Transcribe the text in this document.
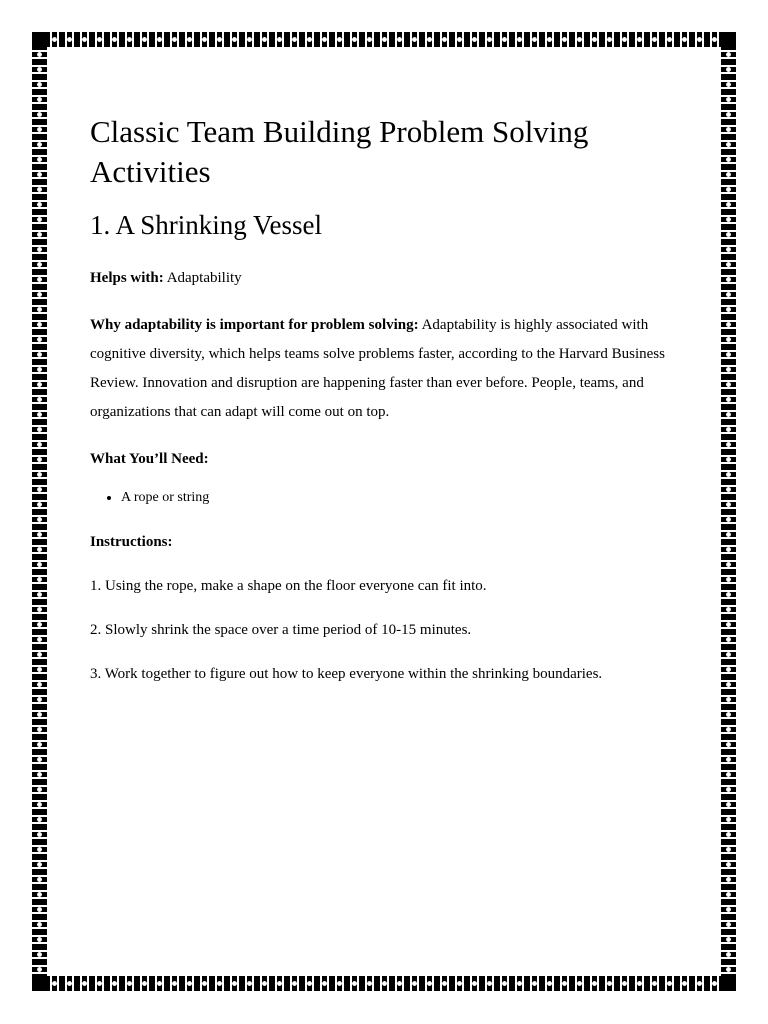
Classic Team Building Problem Solving Activities
1. A Shrinking Vessel

Helps with: Adaptability

Why adaptability is important for problem solving: Adaptability is highly associated with cognitive diversity, which helps teams solve problems faster, according to the Harvard Business Review. Innovation and disruption are happening faster than ever before. People, teams, and organizations that can adapt will come out on top.

What You’ll Need:

• A rope or string

Instructions:

1. Using the rope, make a shape on the floor everyone can fit into.

2. Slowly shrink the space over a time period of 10-15 minutes.

3. Work together to figure out how to keep everyone within the shrinking boundaries.
